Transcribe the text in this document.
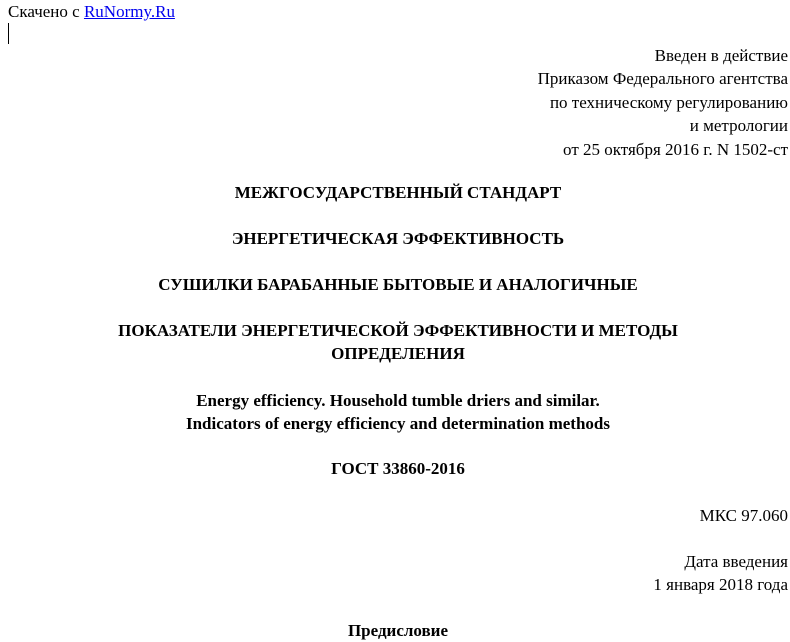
Скачено с RuNormy.Ru
Введен в действие
Приказом Федерального агентства
по техническому регулированию
и метрологии
от 25 октября 2016 г. N 1502-ст
МЕЖГОСУДАРСТВЕННЫЙ СТАНДАРТ
ЭНЕРГЕТИЧЕСКАЯ ЭФФЕКТИВНОСТЬ
СУШИЛКИ БАРАБАННЫЕ БЫТОВЫЕ И АНАЛОГИЧНЫЕ
ПОКАЗАТЕЛИ ЭНЕРГЕТИЧЕСКОЙ ЭФФЕКТИВНОСТИ И МЕТОДЫ
ОПРЕДЕЛЕНИЯ
Energy efficiency. Household tumble driers and similar.
Indicators of energy efficiency and determination methods
ГОСТ 33860-2016
МКС 97.060
Дата введения
1 января 2018 года
Предисловие
